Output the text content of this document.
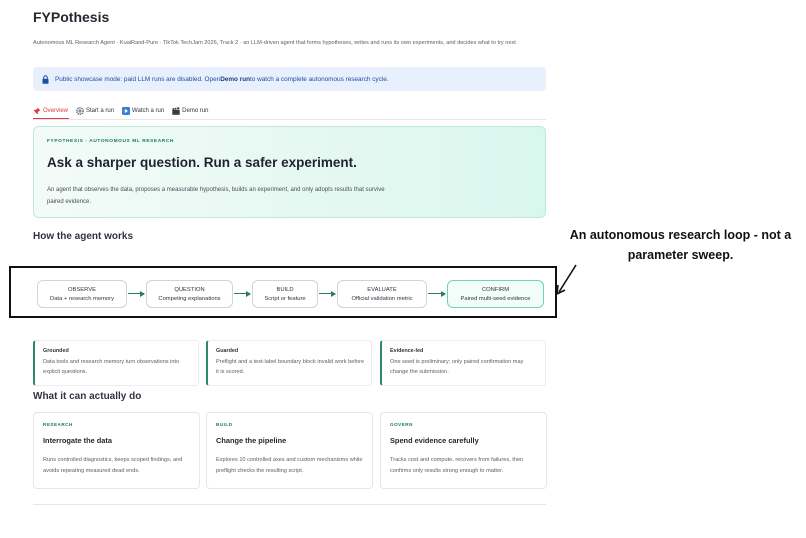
FYPothesis
Autonomous ML Research Agent · KuaiRand-Pure · TikTok TechJam 2026, Track 2 · an LLM-driven agent that forms hypotheses, writes and runs its own experiments, and decides what to try next
Public showcase mode: paid LLM runs are disabled. Open Demo run to watch a complete autonomous research cycle.
Overview	Start a run	Watch a run	Demo run
FYPOTHESIS · AUTONOMOUS ML RESEARCH
Ask a sharper question. Run a safer experiment.
An agent that observes the data, proposes a measurable hypothesis, builds an experiment, and only adopts results that survive paired evidence.
How the agent works
OBSERVE
Data + research memory
QUESTION
Competing explanations
BUILD
Script or feature
EVALUATE
Official validation metric
CONFIRM
Paired multi-seed evidence
An autonomous research loop - not a parameter sweep.
Grounded
Data tools and research memory turn observations into explicit questions.
Guarded
Preflight and a test-label boundary block invalid work before it is scored.
Evidence-led
One seed is preliminary; only paired confirmation may change the submission.
What it can actually do
RESEARCH
Interrogate the data
Runs controlled diagnostics, keeps scoped findings, and avoids repeating measured dead ends.
BUILD
Change the pipeline
Explores 10 controlled axes and custom mechanisms while preflight checks the resulting script.
GOVERN
Spend evidence carefully
Tracks cost and compute, recovers from failures, then confirms only results strong enough to matter.
